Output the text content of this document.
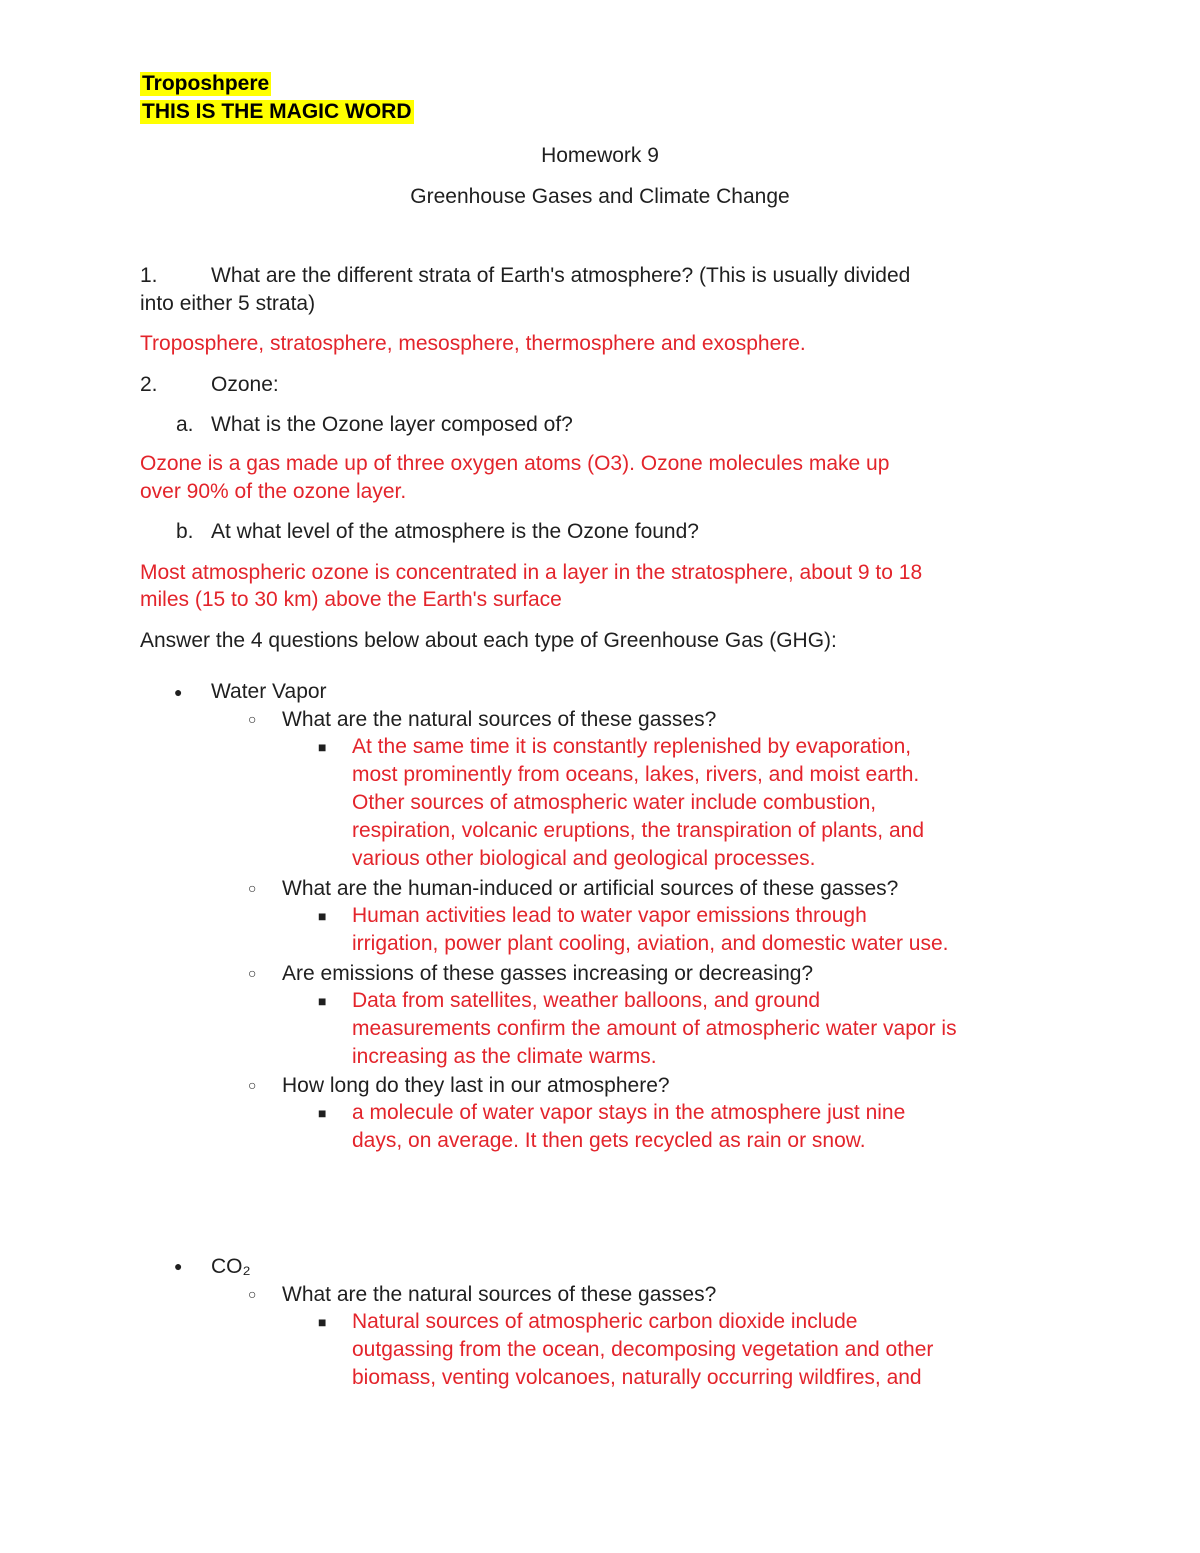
Troposhpere
THIS IS THE MAGIC WORD
Homework 9
Greenhouse Gases and Climate Change
1.	What are the different strata of Earth's atmosphere? (This is usually divided
into either 5 strata)
Troposphere, stratosphere, mesosphere, thermosphere and exosphere.
2.	Ozone:
a. What is the Ozone layer composed of?
Ozone is a gas made up of three oxygen atoms (O3). Ozone molecules make up
over 90% of the ozone layer.
b. At what level of the atmosphere is the Ozone found?
Most atmospheric ozone is concentrated in a layer in the stratosphere, about 9 to 18
miles (15 to 30 km) above the Earth's surface
Answer the 4 questions below about each type of Greenhouse Gas (GHG):
● Water Vapor
○ What are the natural sources of these gasses?
■ At the same time it is constantly replenished by evaporation,
most prominently from oceans, lakes, rivers, and moist earth.
Other sources of atmospheric water include combustion,
respiration, volcanic eruptions, the transpiration of plants, and
various other biological and geological processes.
○ What are the human-induced or artificial sources of these gasses?
■ Human activities lead to water vapor emissions through
irrigation, power plant cooling, aviation, and domestic water use.
○ Are emissions of these gasses increasing or decreasing?
■ Data from satellites, weather balloons, and ground
measurements confirm the amount of atmospheric water vapor is
increasing as the climate warms.
○ How long do they last in our atmosphere?
■ a molecule of water vapor stays in the atmosphere just nine
days, on average. It then gets recycled as rain or snow.
● CO₂
○ What are the natural sources of these gasses?
■ Natural sources of atmospheric carbon dioxide include
outgassing from the ocean, decomposing vegetation and other
biomass, venting volcanoes, naturally occurring wildfires, and
